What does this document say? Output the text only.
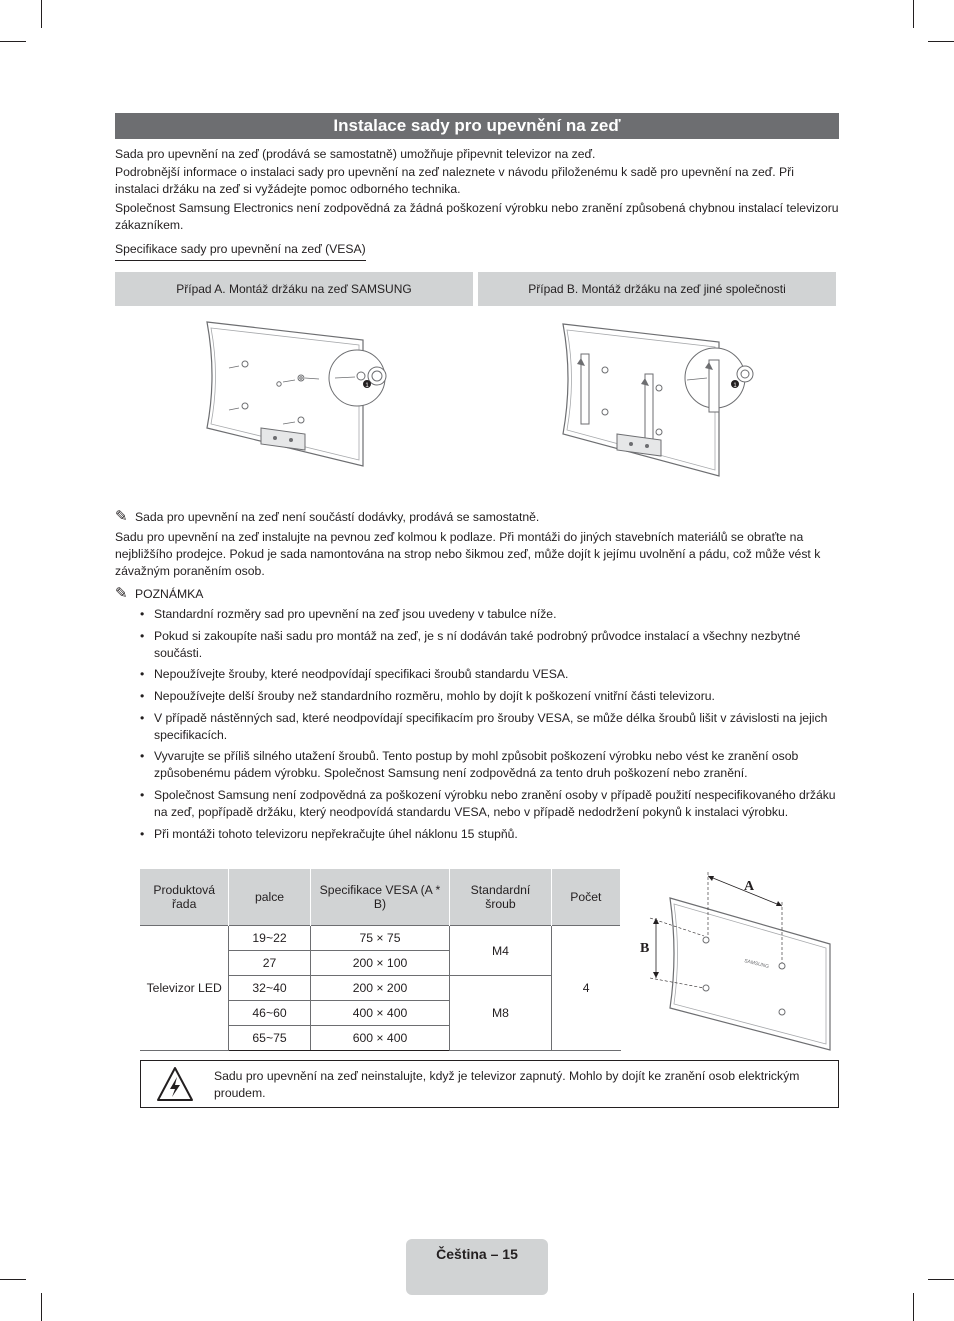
Instalace sady pro upevnění na zeď

Sada pro upevnění na zeď (prodává se samostatně) umožňuje připevnit televizor na zeď.

Podrobnější informace o instalaci sady pro upevnění na zeď naleznete v návodu přiloženému k sadě pro upevnění na zeď. Při instalaci držáku na zeď si vyžádejte pomoc odborného technika.

Společnost Samsung Electronics není zodpovědná za žádná poškození výrobku nebo zranění způsobená chybnou instalací televizoru zákazníkem.

Specifikace sady pro upevnění na zeď (VESA)
Případ A. Montáž držáku na zeď SAMSUNG	Případ B. Montáž držáku na zeď jiné společnosti
1	1
✎ Sada pro upevnění na zeď není součástí dodávky, prodává se samostatně.

Sadu pro upevnění na zeď instalujte na pevnou zeď kolmou k podlaze. Při montáži do jiných stavebních materiálů se obraťte na nejbližšího prodejce. Pokud je sada namontována na strop nebo šikmou zeď, může dojít k jejímu uvolnění a pádu, což může vést k závažným poraněním osob.

✎ POZNÁMKA
• Standardní rozměry sad pro upevnění na zeď jsou uvedeny v tabulce níže.
• Pokud si zakoupíte naši sadu pro montáž na zeď, je s ní dodáván také podrobný průvodce instalací a všechny nezbytné součásti.
• Nepoužívejte šrouby, které neodpovídají specifikaci šroubů standardu VESA.
• Nepoužívejte delší šrouby než standardního rozměru, mohlo by dojít k poškození vnitřní části televizoru.
• V případě nástěnných sad, které neodpovídají specifikacím pro šrouby VESA, se může délka šroubů lišit v závislosti na jejich specifikacích.
• Vyvarujte se příliš silného utažení šroubů. Tento postup by mohl způsobit poškození výrobku nebo vést ke zranění osob způsobenému pádem výrobku. Společnost Samsung není zodpovědná za tento druh poškození nebo zranění.
• Společnost Samsung není zodpovědná za poškození výrobku nebo zranění osoby v případě použití nespecifikovaného držáku na zeď, popřípadě držáku, který neodpovídá standardu VESA, nebo v případě nedodržení pokynů k instalaci výrobku.
• Při montáži tohoto televizoru nepřekračujte úhel náklonu 15 stupňů.
Produktová řada	palce	Specifikace VESA (A * B)	Standardní šroub	Počet
Televizor LED	19~22	75 × 75	M4	4
	27	200 × 100		
	32~40	200 × 200	M8	
	46~60	400 × 400		
	65~75	600 × 400		
A
B
SAMSUNG
Sadu pro upevnění na zeď neinstalujte, když je televizor zapnutý. Mohlo by dojít ke zranění osob elektrickým proudem.
Čeština – 15
